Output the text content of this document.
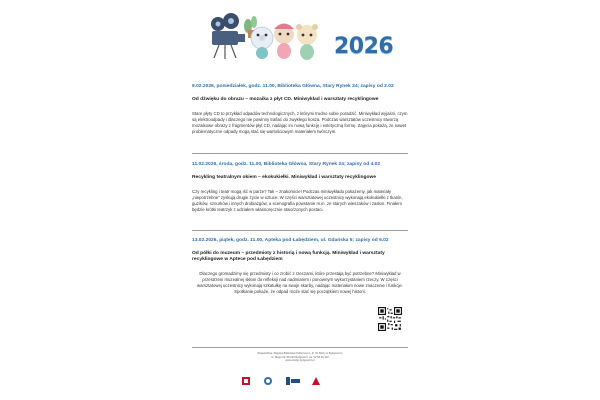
2026
9.02.2026, poniedziałek, godz. 11.00, Biblioteka Główna, Stary Rynek 24; zapisy od 2.02
Od dźwięku do obrazu – mozaika z płyt CD. Miniwykład i warsztaty recyklingowe
Stare płyty CD to przykład odpadów technologicznych, z którymi trudno sobie poradzić. Miniwykład wyjaśni, czym są elektroodpady i dlaczego nie powinny trafiać do zwykłego kosza. Podczas warsztatów uczestnicy stworzą mozaikowe obrazy z fragmentów płyt CD, nadając im nową funkcję i estetyczną formę. Zajęcia pokażą, że nawet problematyczne odpady mogą stać się wartościowym materiałem twórczym.
11.02.2026, środa, godz. 11.00, Biblioteka Główna, Stary Rynek 24; zapisy od 4.02
Recykling teatralnym okiem – ekokukiełki. Miniwykład i warsztaty recyklingowe
Czy recykling i teatr mogą iść w parze? Tak – znakomicie! Podczas miniwykładu pokażemy, jak materiały „niepotrzebne” zyskują drugie życie w sztuce. W części warsztatowej uczestnicy wykonają ekokukiełki z tkanin, guzików, sznurków i innych drobiazgów, a scenografia powstanie m.in. ze starych wieszaków i zasłon. Finałem będzie krótki teatrzyk z udziałem własnoręcznie stworzonych postaci.
13.02.2026, piątek, godz. 11.00, Apteka pod Łabędziem, ul. Gdańska 5; zapisy od 6.02
Od półki do muzeum – przedmioty z historią i nową funkcją. Miniwykład i warsztaty recyklingowe w Aptece pod Łabędziem
Dlaczego gromadzimy się przedmioty i co zrobić z rzeczami, które przestają być potrzebne? Miniwykład w przestrzeni muzealnej skłoni do refleksji nad nadmiarem i ponownym wykorzystaniem rzeczy. W części warsztatowej uczestnicy wykonają szkatułkę na swoje skarby, nadając materiałom nowe znaczenie i funkcje. Spotkanie pokaże, że odpad może stać się początkiem nowej historii.
Wojewódzka i Miejska Biblioteka Publiczna im. dr. W. Bełzy w Bydgoszczy
ul. Długa 39, 85-034 Bydgoszcz, tel. 52 58 99 100
www.wimbp.bydgoszcz.pl
